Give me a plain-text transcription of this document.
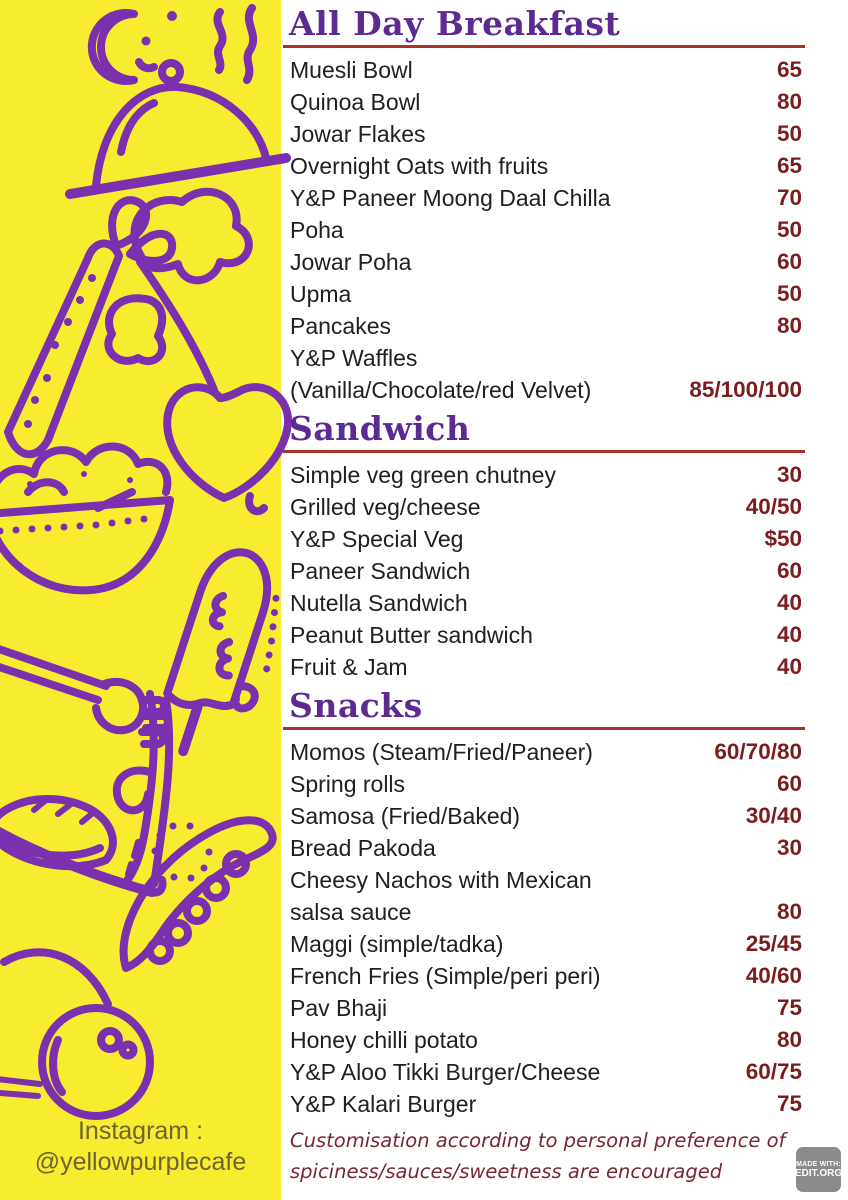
Instagram :
@yellowpurplecafe
All Day Breakfast
Muesli Bowl	65
Quinoa Bowl	80
Jowar Flakes	50
Overnight Oats with fruits	65
Y&P Paneer Moong Daal Chilla	70
Poha	50
Jowar Poha	60
Upma	50
Pancakes	80
Y&P Waffles
(Vanilla/Chocolate/red Velvet)	85/100/100
Sandwich
Simple veg green chutney	30
Grilled veg/cheese	40/50
Y&P Special Veg	$50
Paneer Sandwich	60
Nutella Sandwich	40
Peanut Butter sandwich	40
Fruit & Jam	40
Snacks
Momos (Steam/Fried/Paneer)	60/70/80
Spring rolls	60
Samosa (Fried/Baked)	30/40
Bread Pakoda	30
Cheesy Nachos with Mexican
salsa sauce	80
Maggi (simple/tadka)	25/45
French Fries (Simple/peri peri)	40/60
Pav Bhaji	75
Honey chilli potato	80
Y&P Aloo Tikki Burger/Cheese	60/75
Y&P Kalari Burger	75
Customisation according to personal preference of
spiciness/sauces/sweetness are encouraged	MADE WITH:
EDIT.ORG
